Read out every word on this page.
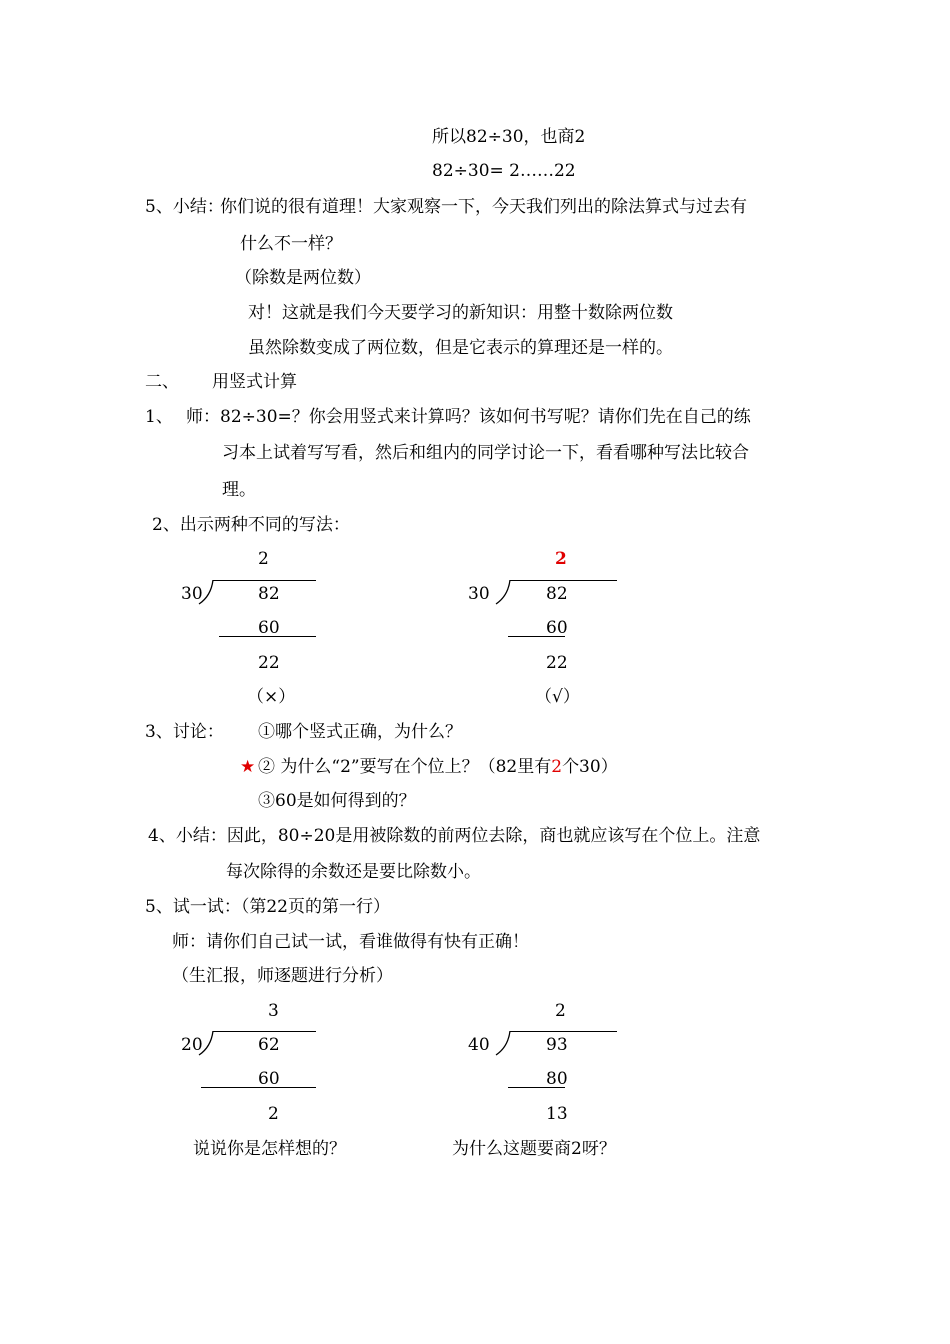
所以82÷30，也商2
82÷30= 2……22
5、小结：
你们说的很有道理！大家观察一下，今天我们列出的除法算式与过去有
什么不一样？
（除数是两位数）
对！这就是我们今天要学习的新知识：用整十数除两位数
虽然除数变成了两位数，但是它表示的算理还是一样的。
二、 用竖式计算
1、 师：82÷30=？你会用竖式来计算吗？该如何书写呢？请你们先在自己的练
习本上试着写写看，然后和组内的同学讨论一下，看看哪种写法比较合
理。
2、出示两种不同的写法：
2
30	82
60
22
（×）
2
30	82
60
22
（√）
3、讨论： ①哪个竖式正确，为什么？
★ ② 为什么“2”要写在个位上？（82里有2个30）
③60是如何得到的？
4、小结：因此，80÷20是用被除数的前两位去除，商也就应该写在个位上。注意
每次除得的余数还是要比除数小。
5、试一试：（第22页的第一行）
师：请你们自己试一试，看谁做得有快有正确！
（生汇报，师逐题进行分析）
3
20	62
60
2
2
40	93
80
13
说说你是怎样想的？	为什么这题要商2呀？
